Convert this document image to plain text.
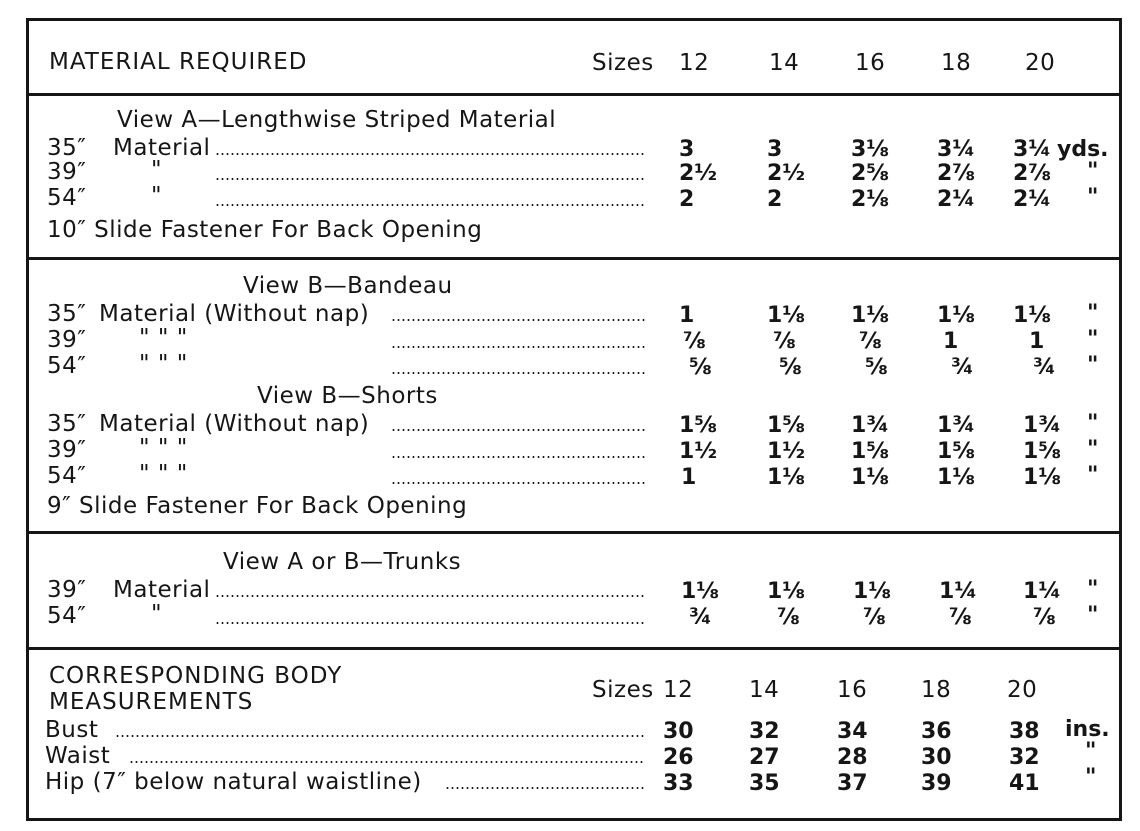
MATERIAL REQUIRED	Sizes 12	14 16 18 20
View A—Lengthwise Striped Material
35″ Material	3	3	3⅛ 3¼ 3¼ yds.
39″	"	2½ 2½ 2⅝ 2⅞ 2⅞ "
54″	"	2	2	2⅛ 2¼ 2¼ "
10″ Slide Fastener For Back Opening
View B—Bandeau
35″ Material (Without nap)	1	1⅛ 1⅛ 1⅛ 1⅛ "
39″ " " "	⅞	⅞	⅞	1	1 "
54″ " " "	⅝	⅝	⅝	¾	¾ "
View B—Shorts
35″ Material (Without nap)	1⅝ 1⅝ 1¾ 1¾ 1¾ "
39″ " " "	1½ 1½ 1⅝ 1⅝ 1⅝ "
54″ " " "	1	1⅛ 1⅛ 1⅛ 1⅛ "
9″ Slide Fastener For Back Opening
View A or B—Trunks
39″ Material	1⅛ 1⅛ 1⅛ 1¼ 1¼ "
54″	"	¾	⅞	⅞	⅞	⅞ "
CORRESPONDING BODY
MEASUREMENTS	Sizes 12 14	16 18 20
Bust	30	32	34 36	38 ins.
Waist	26	27	28 30	32 "
Hip (7″ below natural waistline)	33	35	37 39	41 "
